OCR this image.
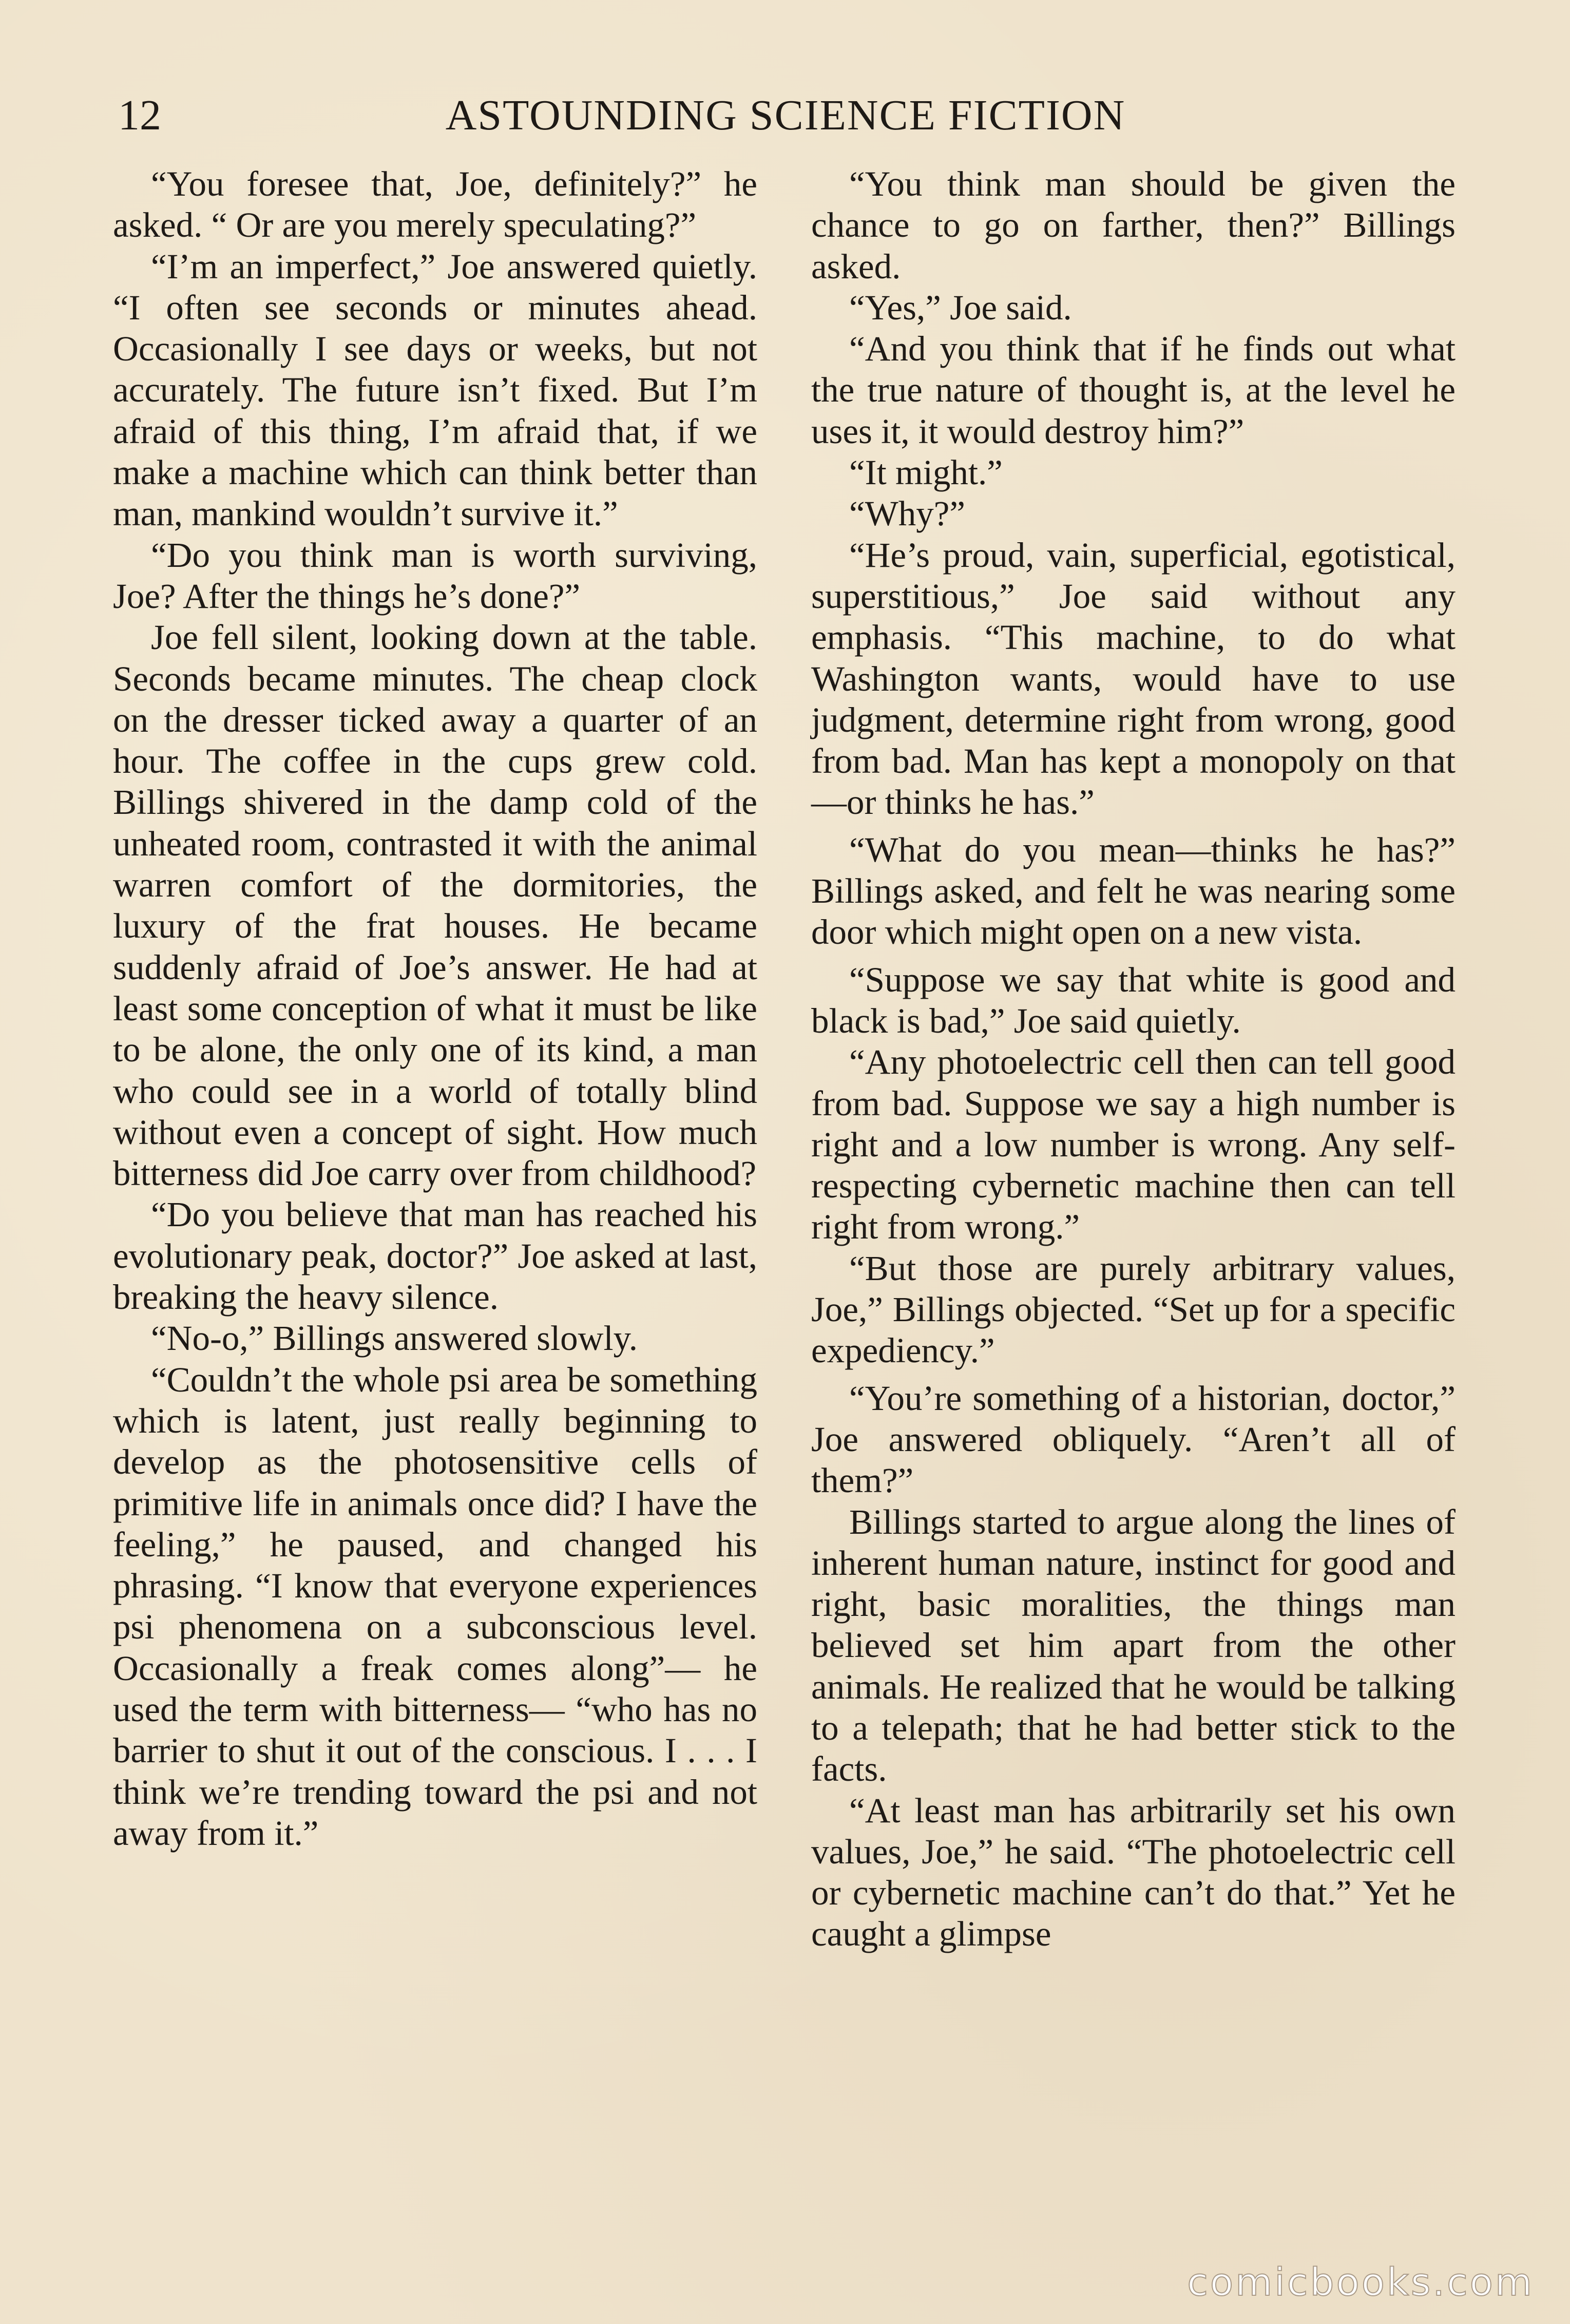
ASTOUNDING SCIENCE FICTION
12

“You foresee that, Joe, definitely?” he asked. “ Or are you merely speculating?”

“I’m an imperfect,” Joe answered quietly. “I often see seconds or minutes ahead. Occasionally I see days or weeks, but not accurately. The future isn’t fixed. But I’m afraid of this thing, I’m afraid that, if we make a machine which can think better than man, mankind wouldn’t survive it.”

“Do you think man is worth surviving, Joe? After the things he’s done?”

Joe fell silent, looking down at the table. Seconds became minutes. The cheap clock on the dresser ticked away a quarter of an hour. The coffee in the cups grew cold. Billings shivered in the damp cold of the unheated room, contrasted it with the animal warren comfort of the dormitories, the luxury of the frat houses. He became suddenly afraid of Joe’s answer. He had at least some conception of what it must be like to be alone, the only one of its kind, a man who could see in a world of totally blind without even a concept of sight. How much bitterness did Joe carry over from childhood?

“Do you believe that man has reached his evolutionary peak, doctor?” Joe asked at last, breaking the heavy silence.

“No-o,” Billings answered slowly.

“Couldn’t the whole psi area be something which is latent, just really beginning to develop as the photosensitive cells of primitive life in animals once did? I have the feeling,” he paused, and changed his phrasing. “I know that everyone experiences psi phenomena on a subconscious level. Occasionally a freak comes along”— he used the term with bitterness— “who has no barrier to shut it out of the conscious. I . . . I think we’re trending toward the psi and not away from it.”

“You think man should be given the chance to go on farther, then?” Billings asked.

“Yes,” Joe said.

“And you think that if he finds out what the true nature of thought is, at the level he uses it, it would destroy him?”

“It might.”

“Why?”

“He’s proud, vain, superficial, egotistical, superstitious,” Joe said without any emphasis. “This machine, to do what Washington wants, would have to use judgment, determine right from wrong, good from bad. Man has kept a monopoly on that—or thinks he has.”

“What do you mean—thinks he has?” Billings asked, and felt he was nearing some door which might open on a new vista.

“Suppose we say that white is good and black is bad,” Joe said quietly.

“Any photoelectric cell then can tell good from bad. Suppose we say a high number is right and a low number is wrong. Any self-respecting cybernetic machine then can tell right from wrong.”

“But those are purely arbitrary values, Joe,” Billings objected. “Set up for a specific expediency.”

“You’re something of a historian, doctor,” Joe answered obliquely. “Aren’t all of them?”

Billings started to argue along the lines of inherent human nature, instinct for good and right, basic moralities, the things man believed set him apart from the other animals. He realized that he would be talking to a telepath; that he had better stick to the facts.

“At least man has arbitrarily set his own values, Joe,” he said. “The photoelectric cell or cybernetic machine can’t do that.” Yet he caught a glimpse

comicbooks.com
